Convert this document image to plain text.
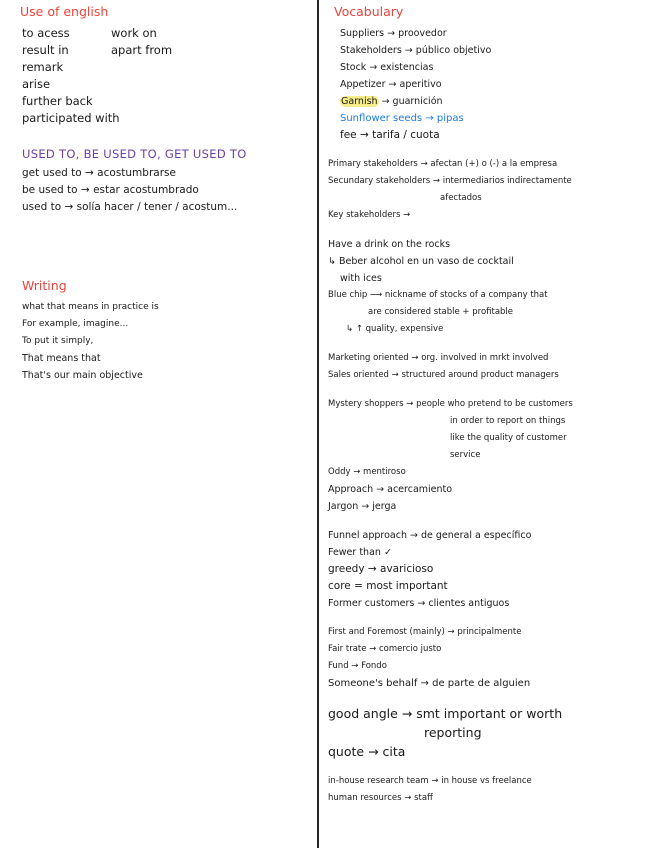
Use of english
to acess	work on
result in	apart from
remark
arise
further back
participated with
USED TO, BE USED TO, GET USED TO
get used to → acostumbrarse
be used to → estar acostumbrado
used to → solía hacer / tener / acostum...
Writing
what that means in practice is
For example, imagine...
To put it simply,
That means that
That's our main objective
Vocabulary
Suppliers → proovedor
Stakeholders → público objetivo
Stock → existencias
Appetizer → aperitivo
Garnish → guarnición
Sunflower seeds → pipas
fee → tarifa / cuota
Primary stakeholders → afectan (+) o (-) a la empresa
Secundary stakeholders → intermediarios indirectamente
afectados
Key stakeholders →
Have a drink on the rocks
↳ Beber alcohol en un vaso de cocktail
with ices
Blue chip ⟶ nickname of stocks of a company that
are considered stable + profitable
↳ ↑ quality, expensive
Marketing oriented → org. involved in mrkt involved
Sales oriented → structured around product managers
Mystery shoppers → people who pretend to be customers
in order to report on things
like the quality of customer
service
Oddy → mentiroso
Approach → acercamiento
Jargon → jerga
Funnel approach → de general a específico
Fewer than ✓
greedy → avaricioso
core = most important
Former customers → clientes antiguos
First and Foremost (mainly) → principalmente
Fair trate → comercio justo
Fund → Fondo
Someone's behalf → de parte de alguien
good angle → smt important or worth
reporting
quote → cita
in-house research team → in house vs freelance
human resources → staff
